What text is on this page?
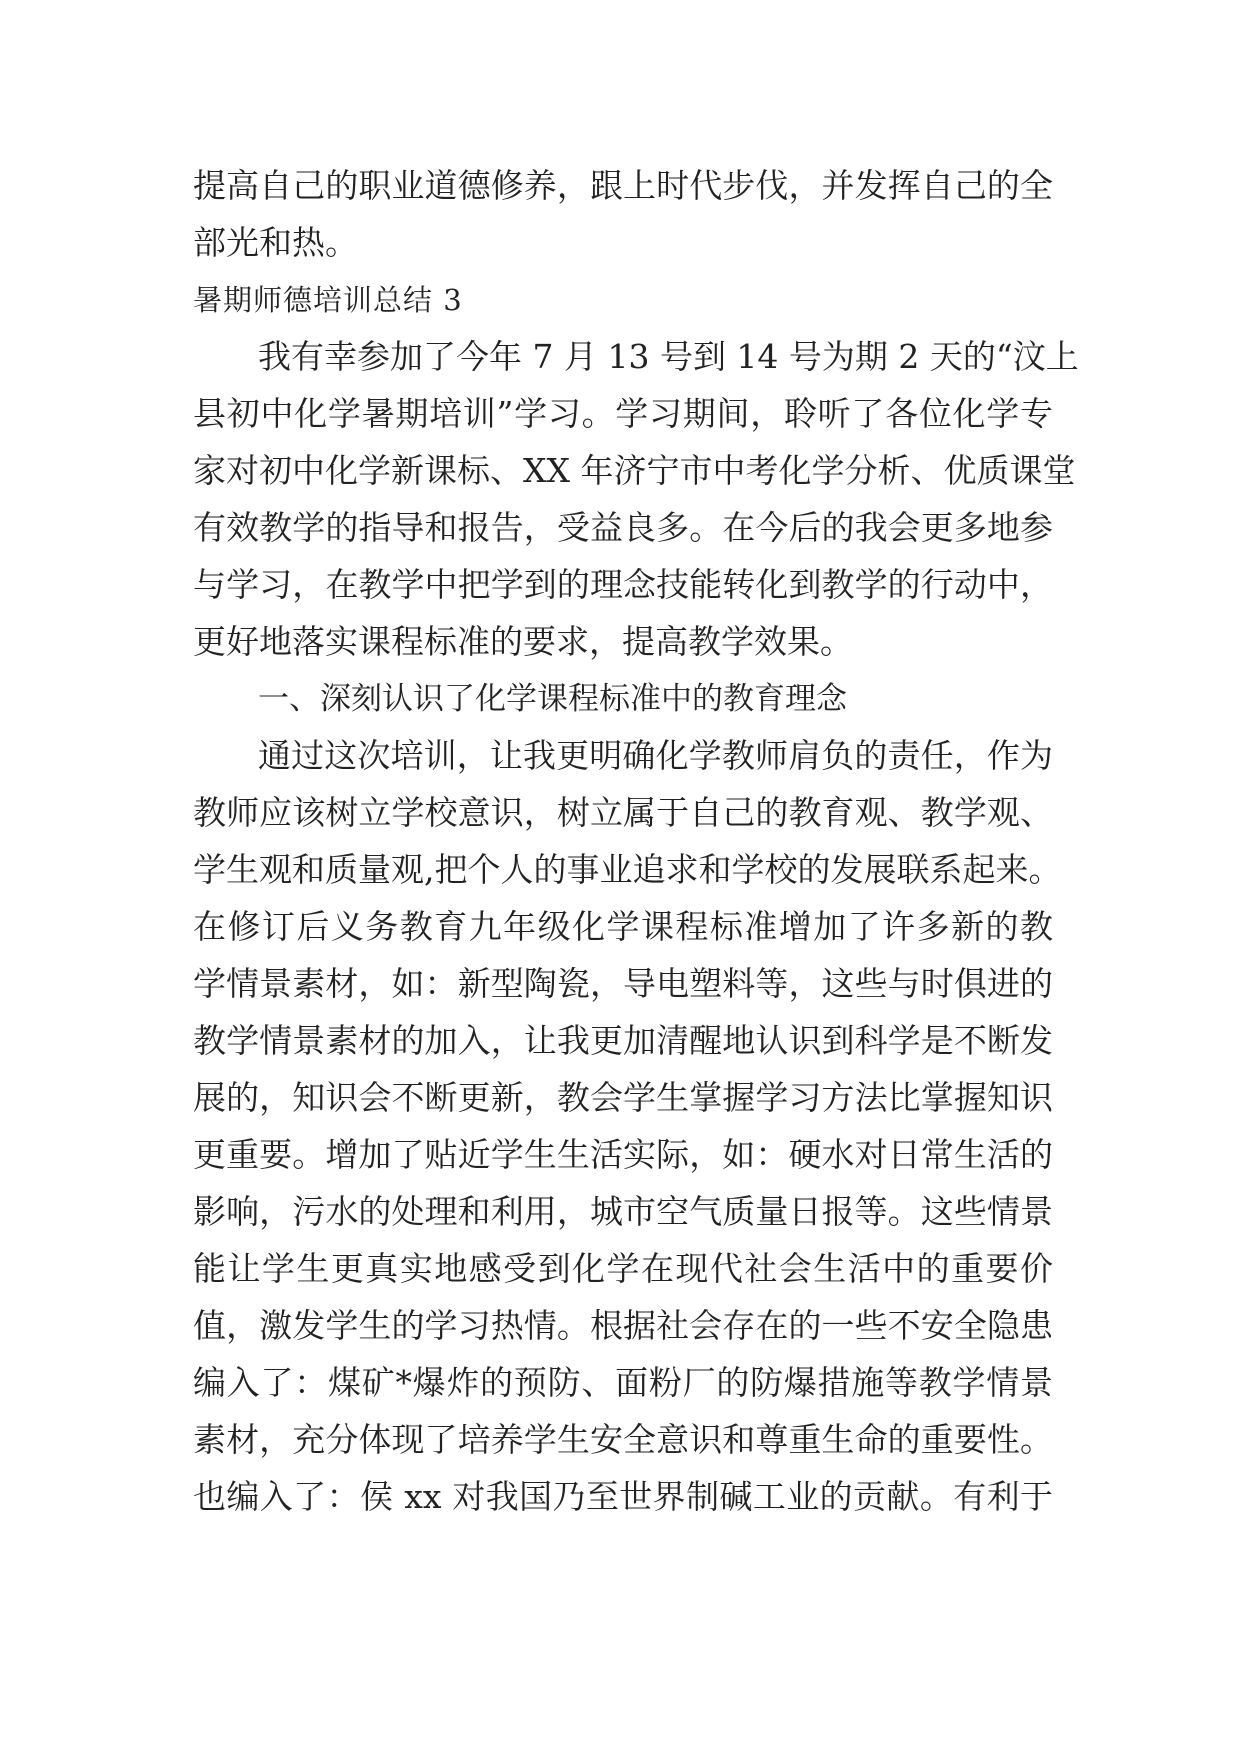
提高自己的职业道德修养，跟上时代步伐，并发挥自己的全
部光和热。
暑期师德培训总结 3
我有幸参加了今年 7 月 13 号到 14 号为期 2 天的“汶上
县初中化学暑期培训”学习。学习期间，聆听了各位化学专
家对初中化学新课标、XX 年济宁市中考化学分析、优质课堂
有效教学的指导和报告，受益良多。在今后的我会更多地参
与学习，在教学中把学到的理念技能转化到教学的行动中，
更好地落实课程标准的要求，提高教学效果。
一、深刻认识了化学课程标准中的教育理念
通过这次培训，让我更明确化学教师肩负的责任，作为
教师应该树立学校意识，树立属于自己的教育观、教学观、
学生观和质量观,把个人的事业追求和学校的发展联系起来。
在修订后义务教育九年级化学课程标准增加了许多新的教
学情景素材，如：新型陶瓷，导电塑料等，这些与时俱进的
教学情景素材的加入，让我更加清醒地认识到科学是不断发
展的，知识会不断更新，教会学生掌握学习方法比掌握知识
更重要。增加了贴近学生生活实际，如：硬水对日常生活的
影响，污水的处理和利用，城市空气质量日报等。这些情景
能让学生更真实地感受到化学在现代社会生活中的重要价
值，激发学生的学习热情。根据社会存在的一些不安全隐患
编入了：煤矿*爆炸的预防、面粉厂的防爆措施等教学情景
素材，充分体现了培养学生安全意识和尊重生命的重要性。
也编入了：侯 xx 对我国乃至世界制碱工业的贡献。有利于
